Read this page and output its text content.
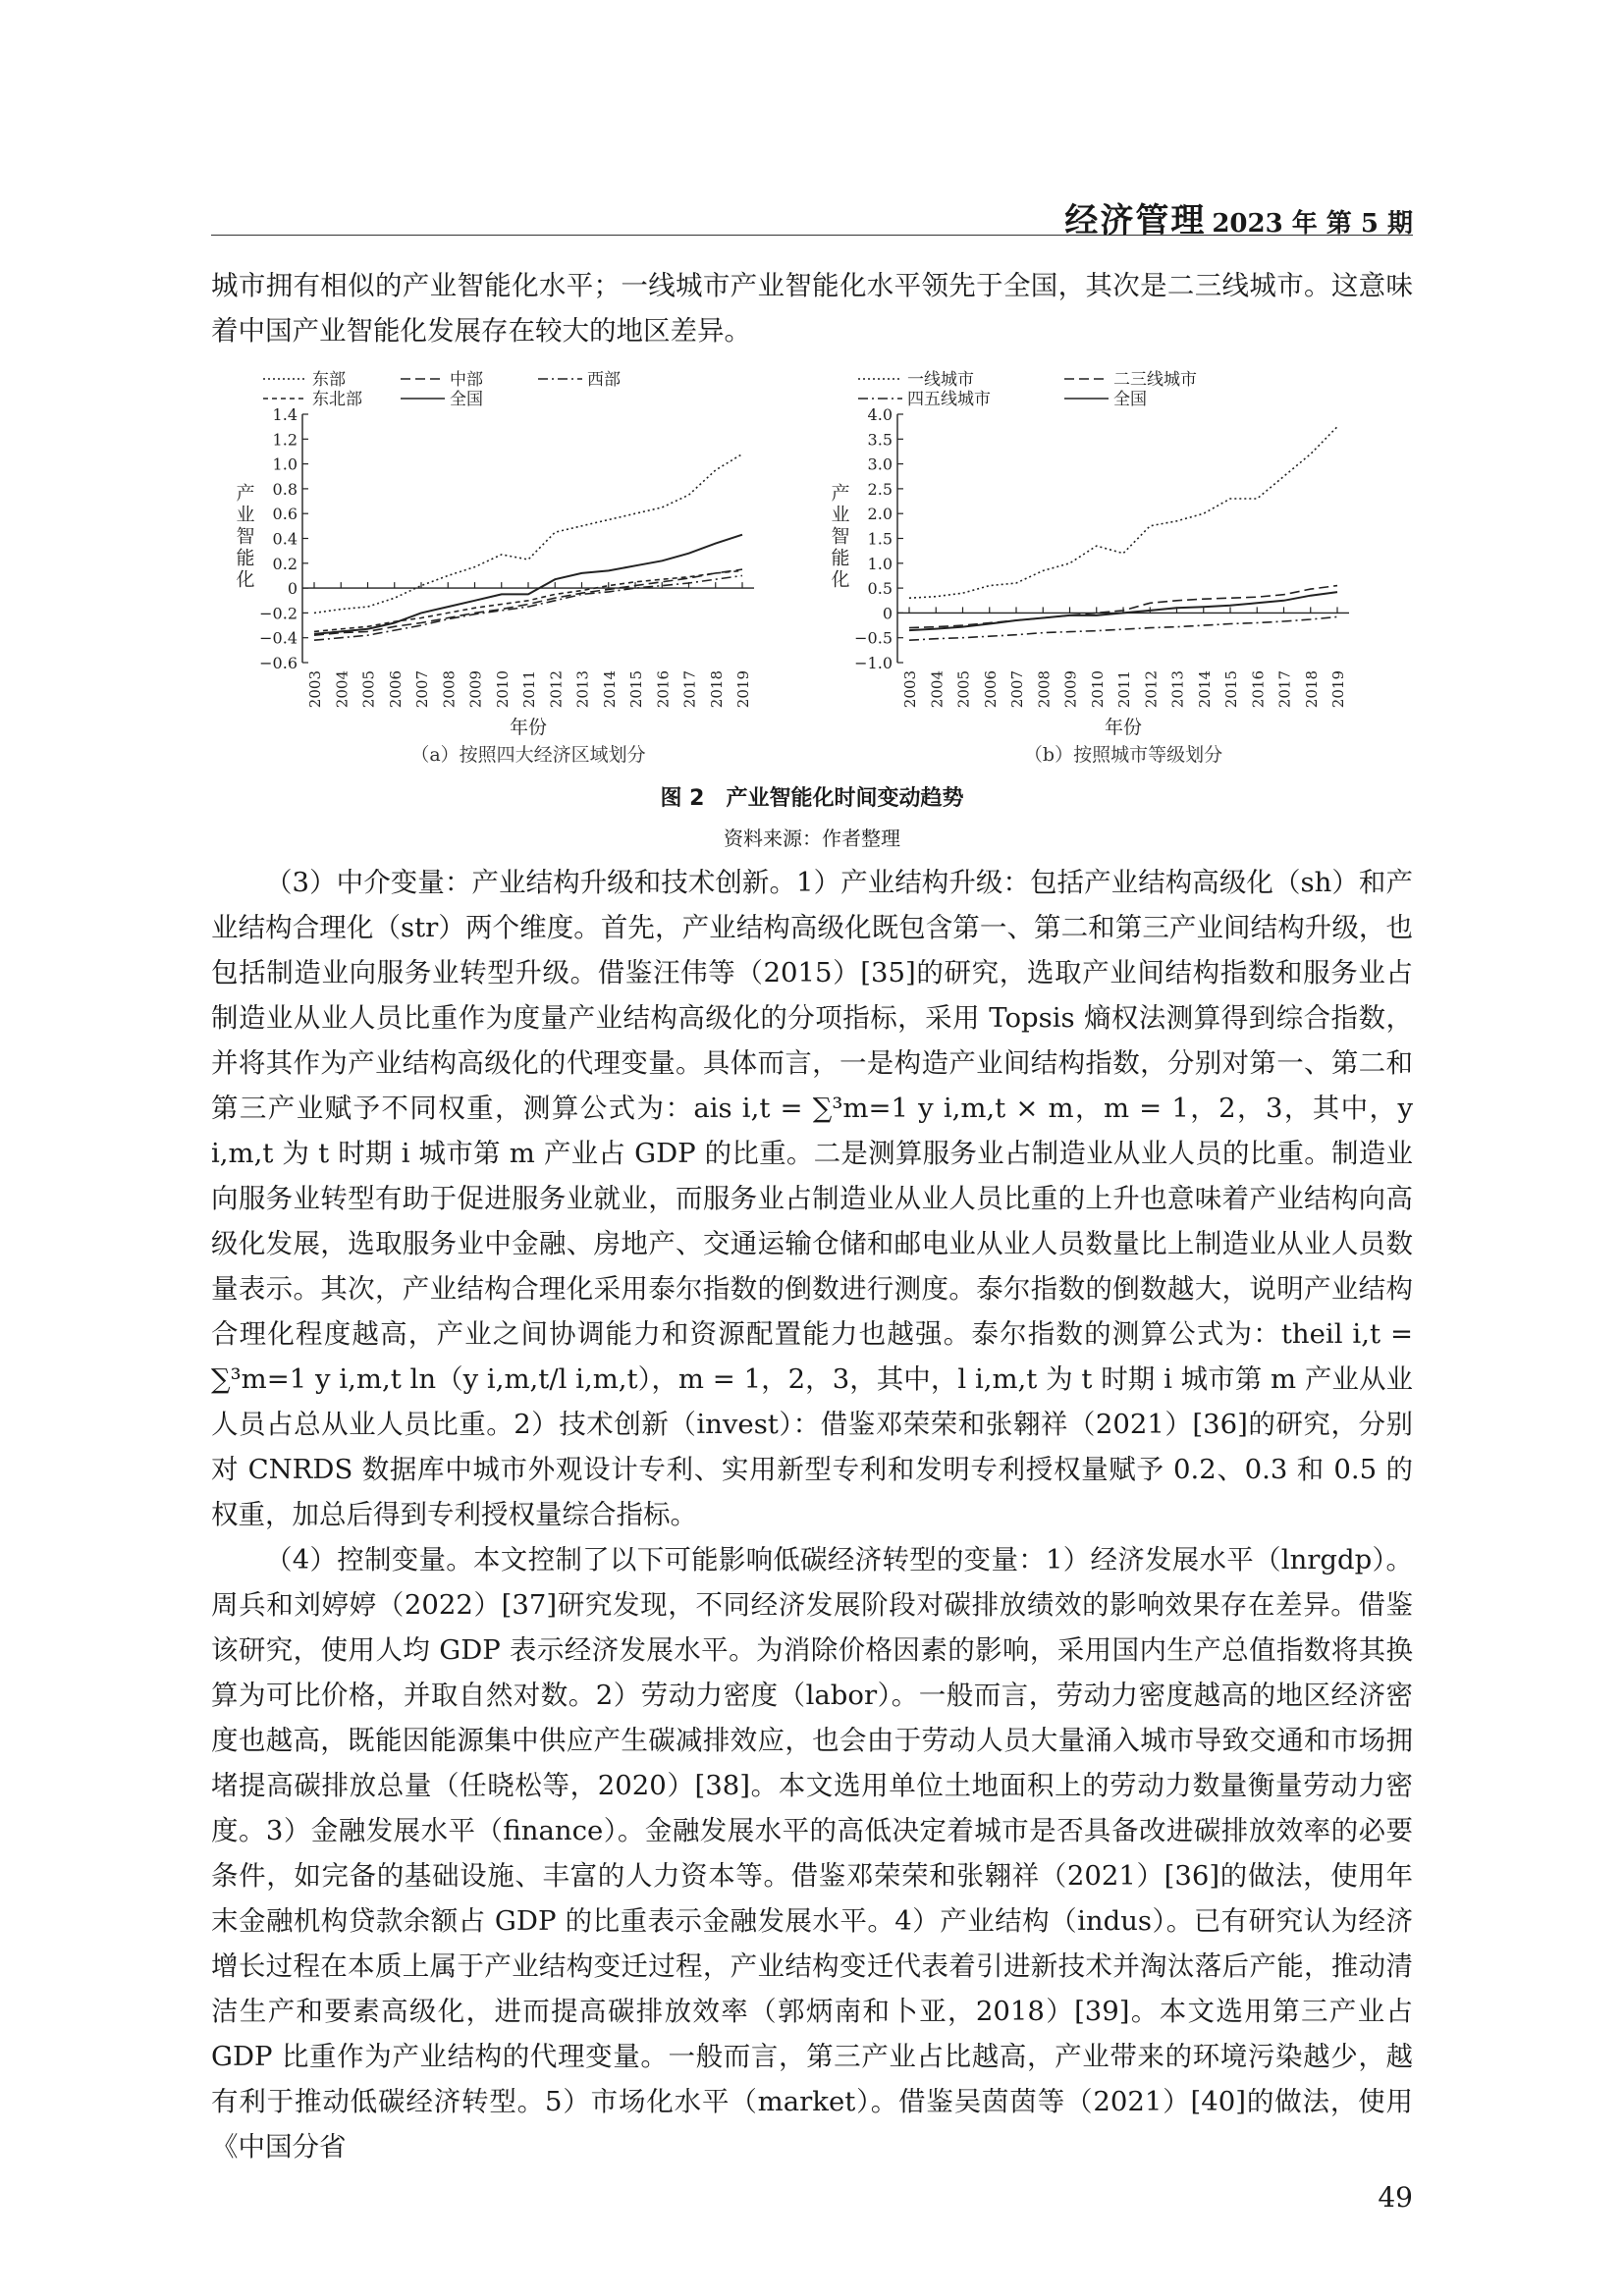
经济管理 2023 年 第 5 期

城市拥有相似的产业智能化水平；一线城市产业智能化水平领先于全国，其次是二三线城市。这意味着中国产业智能化发展存在较大的地区差异。

东部	中部	西部
东北部	全国
−0.6
−0.4
−0.2
0
0.2
0.4
0.6
0.8
1.0
1.2
1.4
2003 2004 2005 2006 2007 2008 2009 2010 2011 2012 2013 2014 2015 2016 2017 2018 2019
产
业
智
能
化
年份
（a）按照四大经济区域划分
一线城市	二三线城市
四五线城市	全国
−1.0
−0.5
0
0.5
1.0
1.5
2.0
2.5
3.0
3.5
4.0
2003 2004 2005 2006 2007 2008 2009 2010 2011 2012 2013 2014 2015 2016 2017 2018 2019
产
业
智
能
化
年份
（b）按照城市等级划分
图 2 产业智能化时间变动趋势
资料来源：作者整理

（3）中介变量：产业结构升级和技术创新。1）产业结构升级：包括产业结构高级化（sh）和产业结构合理化（str）两个维度。首先，产业结构高级化既包含第一、第二和第三产业间结构升级，也包括制造业向服务业转型升级。借鉴汪伟等（2015）[35]的研究，选取产业间结构指数和服务业占制造业从业人员比重作为度量产业结构高级化的分项指标，采用 Topsis 熵权法测算得到综合指数，并将其作为产业结构高级化的代理变量。具体而言，一是构造产业间结构指数，分别对第一、第二和第三产业赋予不同权重，测算公式为：ais i,t = ∑³m=1 y i,m,t × m，m = 1，2，3，其中，y i,m,t 为 t 时期 i 城市第 m 产业占 GDP 的比重。二是测算服务业占制造业从业人员的比重。制造业向服务业转型有助于促进服务业就业，而服务业占制造业从业人员比重的上升也意味着产业结构向高级化发展，选取服务业中金融、房地产、交通运输仓储和邮电业从业人员数量比上制造业从业人员数量表示。其次，产业结构合理化采用泰尔指数的倒数进行测度。泰尔指数的倒数越大，说明产业结构合理化程度越高，产业之间协调能力和资源配置能力也越强。泰尔指数的测算公式为：theil i,t = ∑³m=1 y i,m,t ln（y i,m,t/l i,m,t），m = 1，2，3，其中，l i,m,t 为 t 时期 i 城市第 m 产业从业人员占总从业人员比重。2）技术创新（invest）：借鉴邓荣荣和张翱祥（2021）[36]的研究，分别对 CNRDS 数据库中城市外观设计专利、实用新型专利和发明专利授权量赋予 0.2、0.3 和 0.5 的权重，加总后得到专利授权量综合指标。

（4）控制变量。本文控制了以下可能影响低碳经济转型的变量：1）经济发展水平（lnrgdp）。周兵和刘婷婷（2022）[37]研究发现，不同经济发展阶段对碳排放绩效的影响效果存在差异。借鉴该研究，使用人均 GDP 表示经济发展水平。为消除价格因素的影响，采用国内生产总值指数将其换算为可比价格，并取自然对数。2）劳动力密度（labor）。一般而言，劳动力密度越高的地区经济密度也越高，既能因能源集中供应产生碳减排效应，也会由于劳动人员大量涌入城市导致交通和市场拥堵提高碳排放总量（任晓松等，2020）[38]。本文选用单位土地面积上的劳动力数量衡量劳动力密度。3）金融发展水平（finance）。金融发展水平的高低决定着城市是否具备改进碳排放效率的必要条件，如完备的基础设施、丰富的人力资本等。借鉴邓荣荣和张翱祥（2021）[36]的做法，使用年末金融机构贷款余额占 GDP 的比重表示金融发展水平。4）产业结构（indus）。已有研究认为经济增长过程在本质上属于产业结构变迁过程，产业结构变迁代表着引进新技术并淘汰落后产能，推动清洁生产和要素高级化，进而提高碳排放效率（郭炳南和卜亚，2018）[39]。本文选用第三产业占 GDP 比重作为产业结构的代理变量。一般而言，第三产业占比越高，产业带来的环境污染越少，越有利于推动低碳经济转型。5）市场化水平（market）。借鉴吴茵茵等（2021）[40]的做法，使用《中国分省

49
